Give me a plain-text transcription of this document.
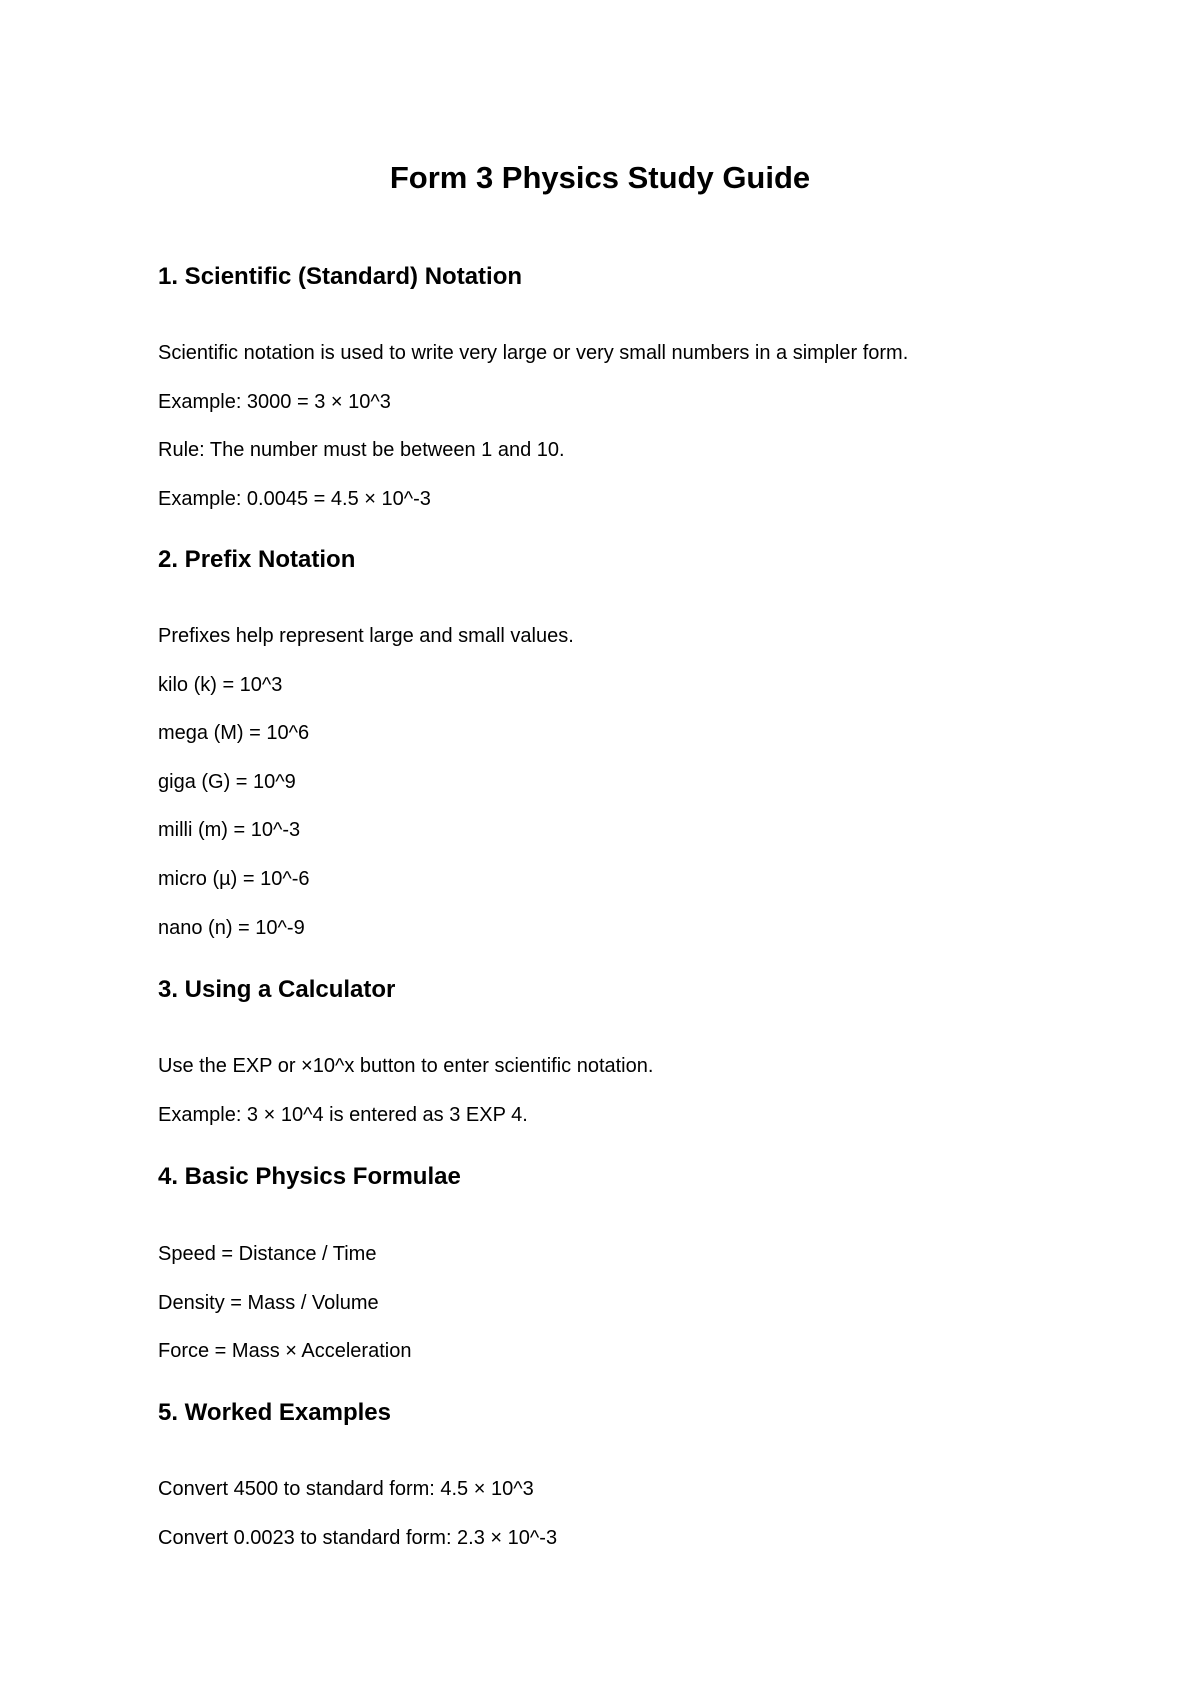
Form 3 Physics Study Guide
1. Scientific (Standard) Notation

Scientific notation is used to write very large or very small numbers in a simpler form.

Example: 3000 = 3 × 10^3

Rule: The number must be between 1 and 10.

Example: 0.0045 = 4.5 × 10^-3

2. Prefix Notation

Prefixes help represent large and small values.

kilo (k) = 10^3

mega (M) = 10^6

giga (G) = 10^9

milli (m) = 10^-3

micro (µ) = 10^-6

nano (n) = 10^-9

3. Using a Calculator

Use the EXP or ×10^x button to enter scientific notation.

Example: 3 × 10^4 is entered as 3 EXP 4.

4. Basic Physics Formulae

Speed = Distance / Time

Density = Mass / Volume

Force = Mass × Acceleration

5. Worked Examples

Convert 4500 to standard form: 4.5 × 10^3

Convert 0.0023 to standard form: 2.3 × 10^-3
